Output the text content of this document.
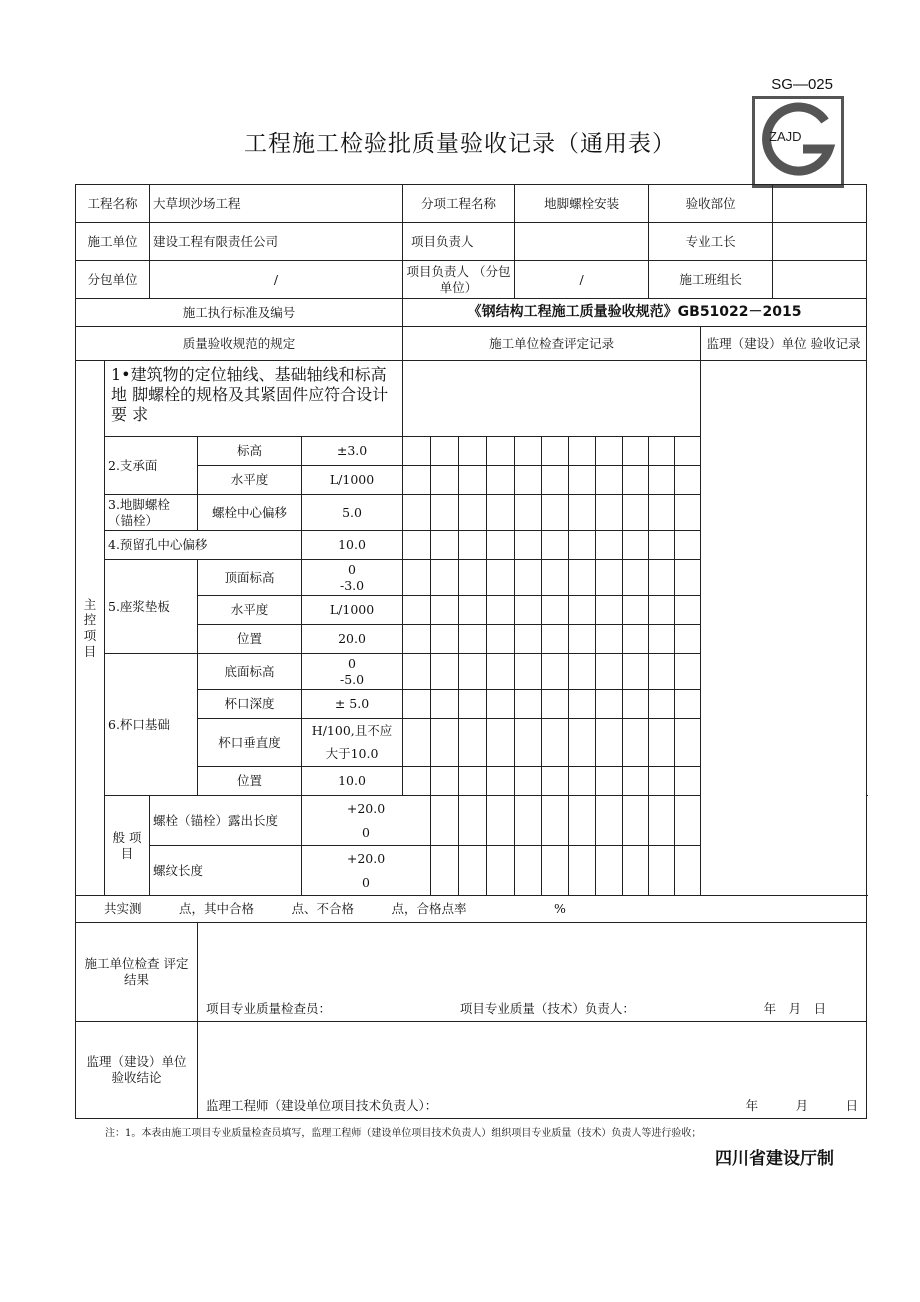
SG—025
ZAJD
工程施工检验批质量验收记录（通用表）
工程名称		大草坝沙场工程			分项工程名称				地脚螺栓安装					验收部位				
施工单位		建设工程有限责任公司			项目负责人									专业工长				
分包单位		/			项目负责人 （分包单位）				/					施工班组长				
施工执行标准及编号					《钢结构工程施工质量验收规范》GB51022－2015													
质量验收规范的规定					施工单位检查评定记录											监理（建设）单位 验收记录		
主 控 项 目	1•建筑物的定位轴线、基础轴线和标高地 脚螺栓的规格及其紧固件应符合设计要 求																	
	2.支承面		标高	±3.0														
			水平度	L/1000														
	3.地脚螺栓（锚栓）		螺栓中心偏移	5.0														
	4.预留孔中心偏移			10.0														
	5.座浆垫板		顶面标高	0
-3.0														
			水平度	L/1000														
			位置	20.0														
	6.杯口基础		底面标高	0
-5.0														
			杯口深度	± 5.0														
			杯口垂直度	H/100,且不应 大于10.0														
			位置	10.0														
	般 项 目	螺栓（锚栓）露出长度		+20.0
0														
		螺纹长度		+20.0
0														
共实测　　　点，其中合格　　　点、不合格　　　点，合格点率　　　　　　　%																		
施工单位检查 评定结果			项目专业质量检查员： 项目专业质量（技术）负责人： 年　月　日															

监理（建设）单位 验收结论			监理工程师（建设单位项目技术负责人）： 年　　　月　　　日															
注：1。本表由施工项目专业质量检查员填写，监理工程师（建设单位项目技术负责人）组织项目专业质量（技术）负责人等进行验收；
四川省建设厅制
